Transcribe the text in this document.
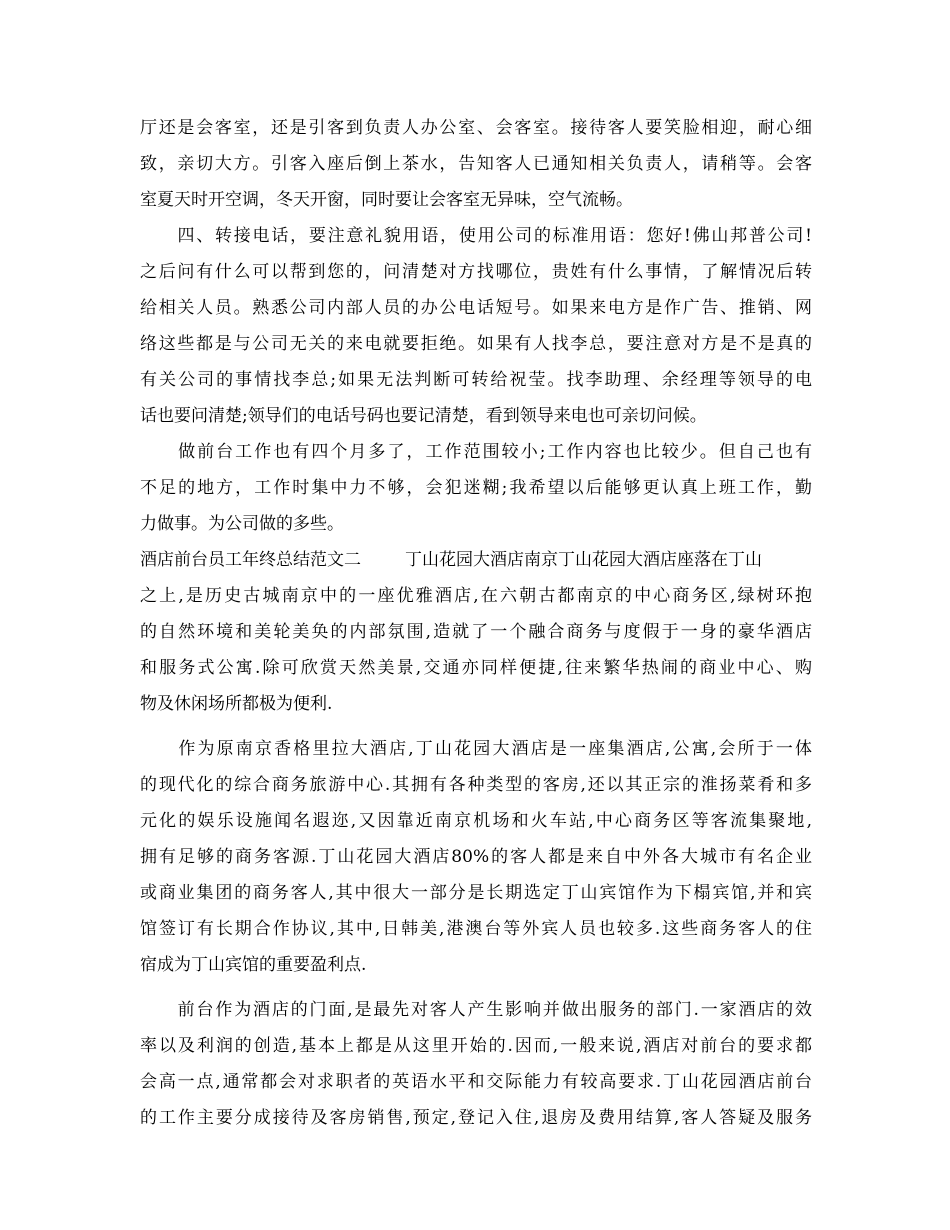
厅还是会客室，还是引客到负责人办公室、会客室。接待客人要笑脸相迎，耐心细
致，亲切大方。引客入座后倒上茶水，告知客人已通知相关负责人，请稍等。会客
室夏天时开空调，冬天开窗，同时要让会客室无异味，空气流畅。
　　四、转接电话，要注意礼貌用语，使用公司的标准用语：您好!佛山邦普公司!
之后问有什么可以帮到您的，问清楚对方找哪位，贵姓有什么事情，了解情况后转
给相关人员。熟悉公司内部人员的办公电话短号。如果来电方是作广告、推销、网
络这些都是与公司无关的来电就要拒绝。如果有人找李总，要注意对方是不是真的
有关公司的事情找李总;如果无法判断可转给祝莹。找李助理、余经理等领导的电
话也要问清楚;领导们的电话号码也要记清楚，看到领导来电也可亲切问候。
　　做前台工作也有四个月多了，工作范围较小;工作内容也比较少。但自己也有
不足的地方，工作时集中力不够，会犯迷糊;我希望以后能够更认真上班工作，勤
力做事。为公司做的多些。
酒店前台员工年终总结范文二	丁山花园大酒店南京丁山花园大酒店座落在丁山
之上,是历史古城南京中的一座优雅酒店,在六朝古都南京的中心商务区,绿树环抱
的自然环境和美轮美奂的内部氛围,造就了一个融合商务与度假于一身的豪华酒店
和服务式公寓.除可欣赏天然美景,交通亦同样便捷,往来繁华热闹的商业中心、购
物及休闲场所都极为便利.
　　作为原南京香格里拉大酒店,丁山花园大酒店是一座集酒店,公寓,会所于一体
的现代化的综合商务旅游中心.其拥有各种类型的客房,还以其正宗的淮扬菜肴和多
元化的娱乐设施闻名遐迩,又因靠近南京机场和火车站,中心商务区等客流集聚地,
拥有足够的商务客源.丁山花园大酒店80%的客人都是来自中外各大城市有名企业
或商业集团的商务客人,其中很大一部分是长期选定丁山宾馆作为下榻宾馆,并和宾
馆签订有长期合作协议,其中,日韩美,港澳台等外宾人员也较多.这些商务客人的住
宿成为丁山宾馆的重要盈利点.
　　前台作为酒店的门面,是最先对客人产生影响并做出服务的部门.一家酒店的效
率以及利润的创造,基本上都是从这里开始的.因而,一般来说,酒店对前台的要求都
会高一点,通常都会对求职者的英语水平和交际能力有较高要求.丁山花园酒店前台
的工作主要分成接待及客房销售,预定,登记入住,退房及费用结算,客人答疑及服务
